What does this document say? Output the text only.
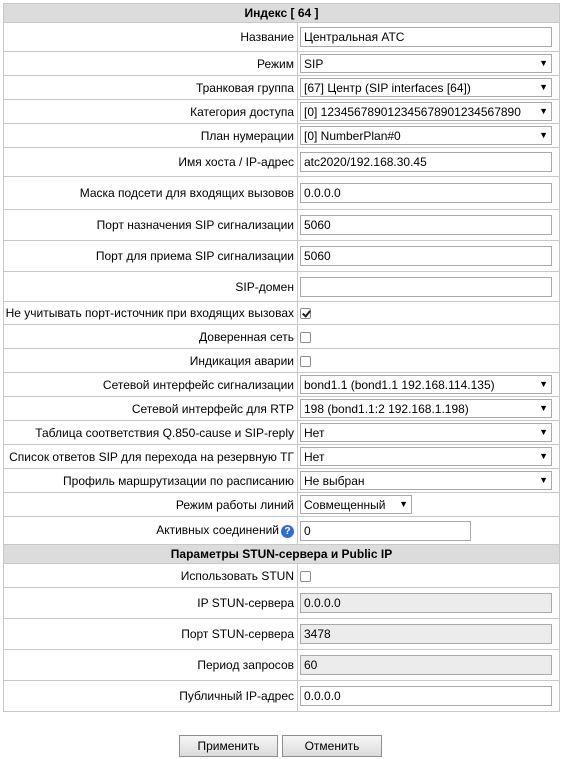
Индекс [ 64 ]	
Название	Центральная АТС
Режим	SIP ▼

Транковая группа	[67] Центр (SIP interfaces [64]) ▼

Категория доступа	[0] 123456789012345678901234567890 ▼

План нумерации	[0] NumberPlan#0 ▼

Имя хоста / IP-адрес	atc2020/192.168.30.45
Маска подсети для входящих вызовов	0.0.0.0
Порт назначения SIP сигнализации	5060
Порт для приема SIP сигнализации	5060
SIP-домен	
Не учитывать порт-источник при входящих вызовах	
Доверенная сеть	
Индикация аварии	
Сетевой интерфейс сигнализации	bond1.1 (bond1.1 192.168.114.135) ▼

Сетевой интерфейс для RTP	198 (bond1.1:2 192.168.1.198) ▼

Таблица соответствия Q.850-cause и SIP-reply	Нет ▼

Список ответов SIP для перехода на резервную ТГ	Нет ▼

Профиль маршрутизации по расписанию	Не выбран ▼

Режим работы линий	Совмещенный ▼

Активных соединений ?	0
Параметры STUN-сервера и Public IP	
Использовать STUN	
IP STUN-сервера	0.0.0.0
Порт STUN-сервера	3478
Период запросов	60
Публичный IP-адрес	0.0.0.0
Применить	Отменить
